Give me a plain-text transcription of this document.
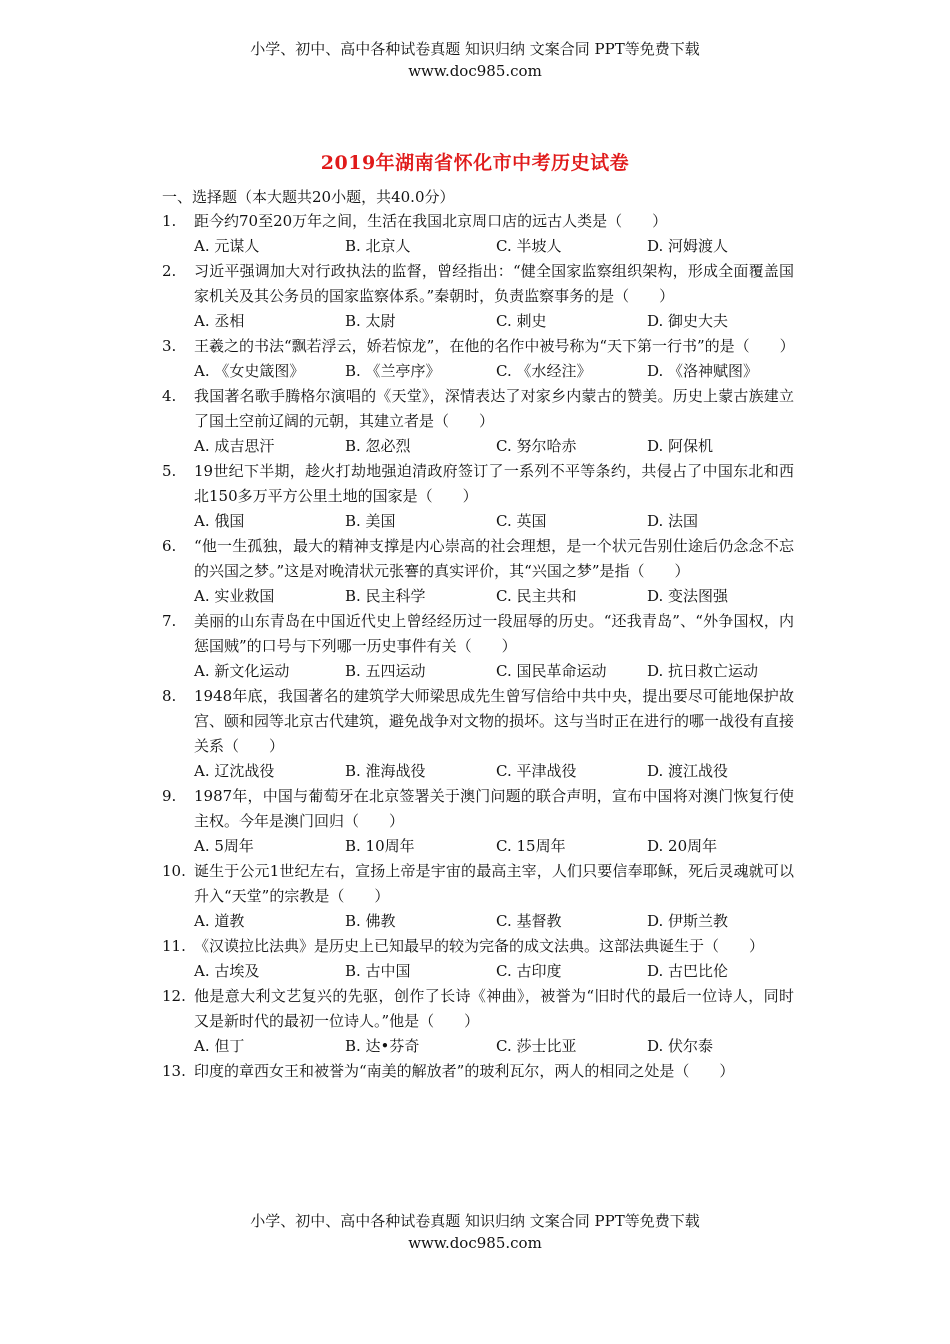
小学、初中、高中各种试卷真题 知识归纳 文案合同 PPT等免费下载
www.doc985.com
2019年湖南省怀化市中考历史试卷
一、选择题（本大题共20小题，共40.0分）
1.	距今约70至20万年之间，生活在我国北京周口店的远古人类是（　　）
A. 元谋人	B. 北京人	C. 半坡人	D. 河姆渡人
2.	习近平强调加大对行政执法的监督，曾经指出：“健全国家监察组织架构，形成全面覆盖国家机关及其公务员的国家监察体系。”秦朝时，负责监察事务的是（　　）
A. 丞相	B. 太尉	C. 刺史	D. 御史大夫
3.	王羲之的书法“飘若浮云，娇若惊龙”，在他的名作中被号称为“天下第一行书”的是（　　）
A. 《女史箴图》	B. 《兰亭序》	C. 《水经注》	D. 《洛神赋图》
4.	我国著名歌手腾格尔演唱的《天堂》，深情表达了对家乡内蒙古的赞美。历史上蒙古族建立了国土空前辽阔的元朝，其建立者是（　　）
A. 成吉思汗	B. 忽必烈	C. 努尔哈赤	D. 阿保机
5.	19世纪下半期，趁火打劫地强迫清政府签订了一系列不平等条约，共侵占了中国东北和西北150多万平方公里土地的国家是（　　）
A. 俄国	B. 美国	C. 英国	D. 法国
6.	“他一生孤独，最大的精神支撑是内心崇高的社会理想，是一个状元告别仕途后仍念念不忘的兴国之梦。”这是对晚清状元张謇的真实评价，其“兴国之梦”是指（　　）
A. 实业救国	B. 民主科学	C. 民主共和	D. 变法图强
7.	美丽的山东青岛在中国近代史上曾经经历过一段屈辱的历史。“还我青岛”、“外争国权，内惩国贼”的口号与下列哪一历史事件有关（　　）
A. 新文化运动	B. 五四运动	C. 国民革命运动	D. 抗日救亡运动
8.	1948年底，我国著名的建筑学大师梁思成先生曾写信给中共中央，提出要尽可能地保护故宫、颐和园等北京古代建筑，避免战争对文物的损坏。这与当时正在进行的哪一战役有直接关系（　　）
A. 辽沈战役	B. 淮海战役	C. 平津战役	D. 渡江战役
9.	1987年，中国与葡萄牙在北京签署关于澳门问题的联合声明，宣布中国将对澳门恢复行使主权。今年是澳门回归（　　）
A. 5周年	B. 10周年	C. 15周年	D. 20周年
10. 诞生于公元1世纪左右，宣扬上帝是宇宙的最高主宰，人们只要信奉耶稣，死后灵魂就可以升入“天堂”的宗教是（　　）
A. 道教	B. 佛教	C. 基督教	D. 伊斯兰教
11. 《汉谟拉比法典》是历史上已知最早的较为完备的成文法典。这部法典诞生于（　　）
A. 古埃及	B. 古中国	C. 古印度	D. 古巴比伦
12. 他是意大利文艺复兴的先驱，创作了长诗《神曲》，被誉为“旧时代的最后一位诗人，同时又是新时代的最初一位诗人。”他是（　　）
A. 但丁	B. 达•芬奇	C. 莎士比亚	D. 伏尔泰
13. 印度的章西女王和被誉为“南美的解放者”的玻利瓦尔，两人的相同之处是（　　）
小学、初中、高中各种试卷真题 知识归纳 文案合同 PPT等免费下载
www.doc985.com
